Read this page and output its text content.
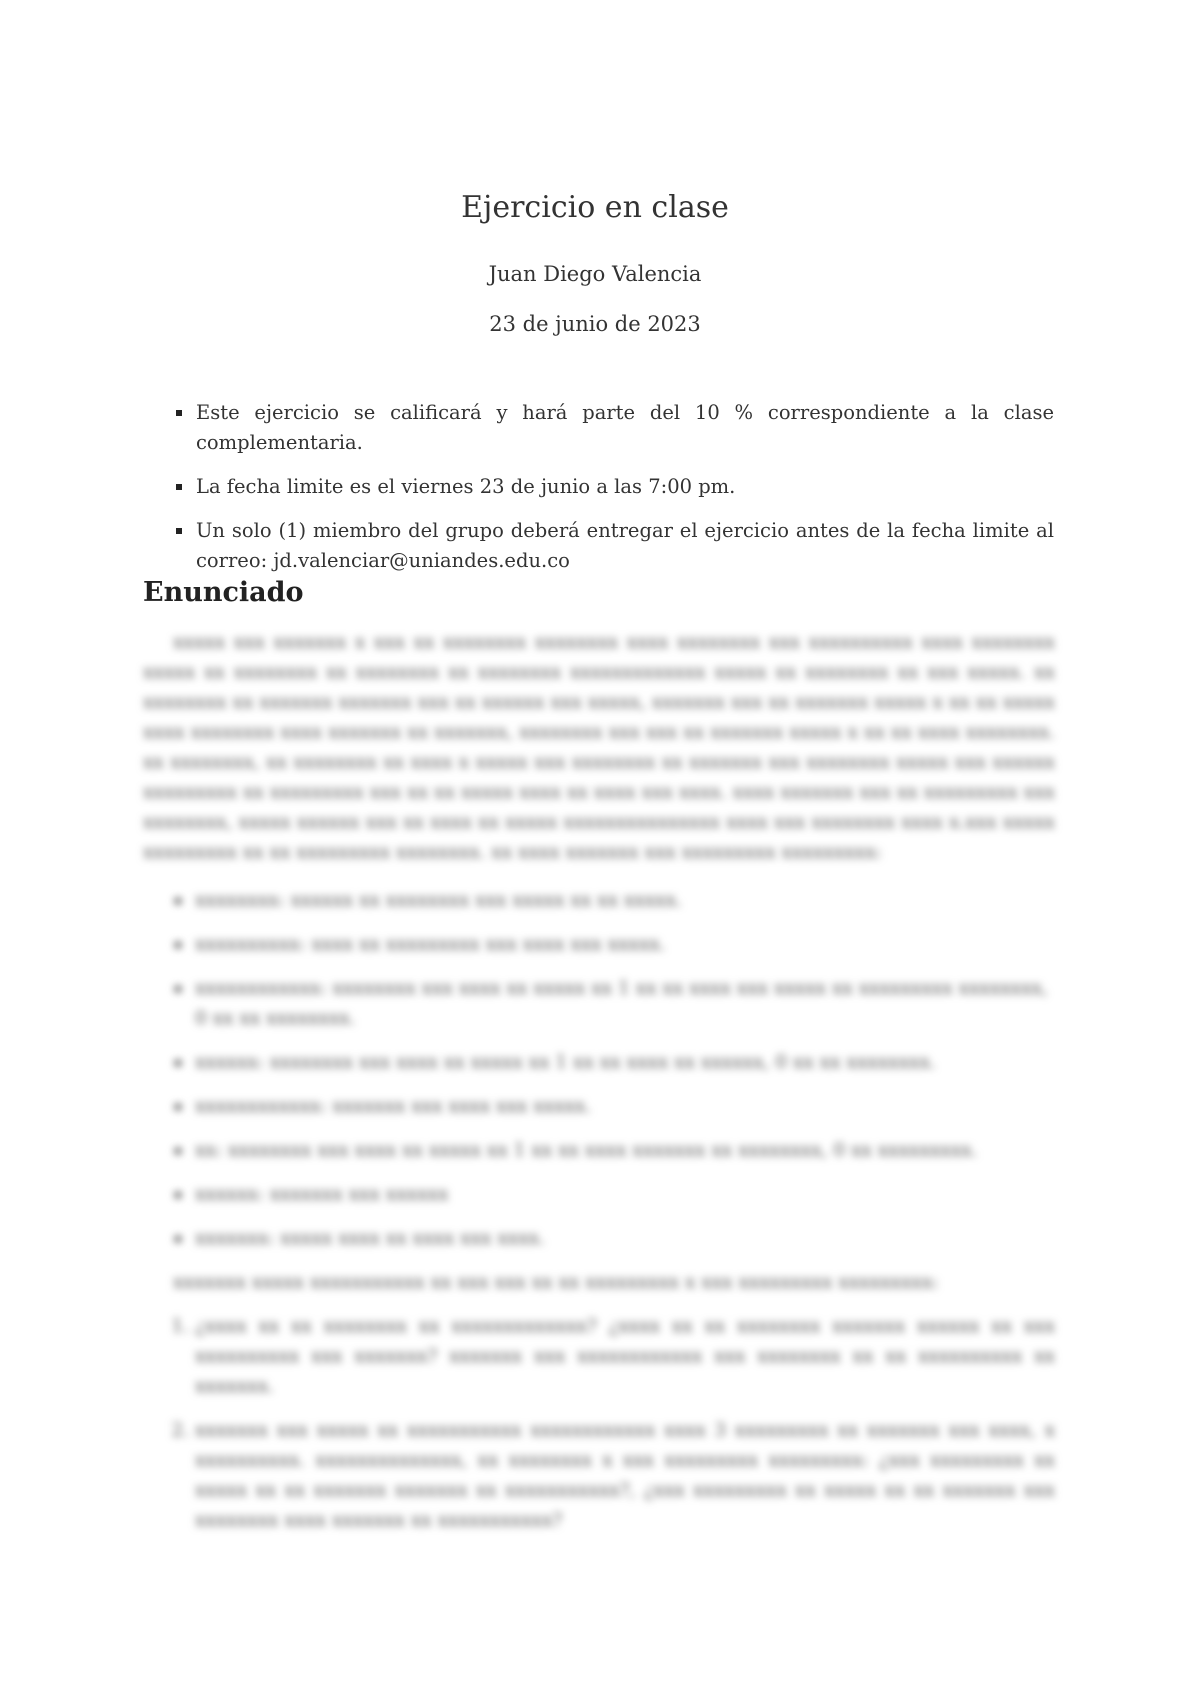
Ejercicio en clase
Juan Diego Valencia
23 de junio de 2023
Este ejercicio se calificará y hará parte del 10 % correspondiente a la clase complementaria.
La fecha limite es el viernes 23 de junio a las 7:00 pm.
Un solo (1) miembro del grupo deberá entregar el ejercicio antes de la fecha limite al correo: jd.valenciar@uniandes.edu.co
Enunciado

xxxxx xxx xxxxxxx x xxx xx xxxxxxxx xxxxxxxx xxxx xxxxxxxx xxx xxxxxxxxxx xxxx xxxxxxxx xxxxx xx xxxxxxxx xx xxxxxxxx xx xxxxxxxx xxxxxxxxxxxxx xxxxx xx xxxxxxxx xx xxx xxxxx. xx xxxxxxxx xx xxxxxxx xxxxxxx xxx xx xxxxxx xxx xxxxx, xxxxxxx xxx xx xxxxxxx xxxxx x xx xx xxxxx xxxx xxxxxxxx xxxx xxxxxxx xx xxxxxxx, xxxxxxxx xxx xxx xx xxxxxxx xxxxx x xx xx xxxx xxxxxxxx. xx xxxxxxxx, xx xxxxxxxx xx xxxx x xxxxx xxx xxxxxxxx xx xxxxxxx xxx xxxxxxxx xxxxx xxx xxxxxx xxxxxxxxx xx xxxxxxxxx xxx xx xx xxxxx xxxx xx xxxx xxx xxxx. xxxx xxxxxxx xxx xx xxxxxxxxx xxx xxxxxxxx, xxxxx xxxxxx xxx xx xxxx xx xxxxx xxxxxxxxxxxxxxx xxxx xxx xxxxxxxx xxxx x.xxx xxxxx xxxxxxxxx xx xx xxxxxxxxx xxxxxxxx. xx xxxx xxxxxxx xxx xxxxxxxxx xxxxxxxxx:

xxxxxxxx: xxxxxx xx xxxxxxxx xxx xxxxx xx xx xxxxx.
xxxxxxxxxx: xxxx xx xxxxxxxxx xxx xxxx xxx xxxxx.
xxxxxxxxxxxx: xxxxxxxx xxx xxxx xx xxxxx xx 1 xx xx xxxx xxx xxxxx xx xxxxxxxxx xxxxxxxx, 0 xx xx xxxxxxxx.
xxxxxx: xxxxxxxx xxx xxxx xx xxxxx xx 1 xx xx xxxx xx xxxxxx, 0 xx xx xxxxxxxx.
xxxxxxxxxxxx: xxxxxxx xxx xxxx xxx xxxxx.
xx: xxxxxxxx xxx xxxx xx xxxxx xx 1 xx xx xxxx xxxxxxx xx xxxxxxxx, 0 xx xxxxxxxxx.
xxxxxx: xxxxxxx xxx xxxxxx
xxxxxxx: xxxxx xxxx xx xxxx xxx xxxx.

xxxxxxx xxxxx xxxxxxxxxxx xx xxx xxx xx xx xxxxxxxxx x xxx xxxxxxxxx xxxxxxxxx:

1. ¿xxxx xx xx xxxxxxxx xx xxxxxxxxxxxxx? ¿xxxx xx xx xxxxxxxx xxxxxxx xxxxxx xx xxx xxxxxxxxxx xxx xxxxxxx? xxxxxxx xxx xxxxxxxxxxxx xxx xxxxxxxx xx xx xxxxxxxxxx xx xxxxxxx.
2. xxxxxxx xxx xxxxx xx xxxxxxxxxxx xxxxxxxxxxxx xxxx 3 xxxxxxxxx xx xxxxxxx xxx xxxx, x xxxxxxxxxx. xxxxxxxxxxxxxx, xx xxxxxxxx x xxx xxxxxxxxx xxxxxxxxx: ¿xxx xxxxxxxxx xx xxxxx xx xx xxxxxxx xxxxxxx xx xxxxxxxxxxx?, ¿xxx xxxxxxxxx xx xxxxx xx xx xxxxxxx xxx xxxxxxxx xxxx xxxxxxx xx xxxxxxxxxxx?
